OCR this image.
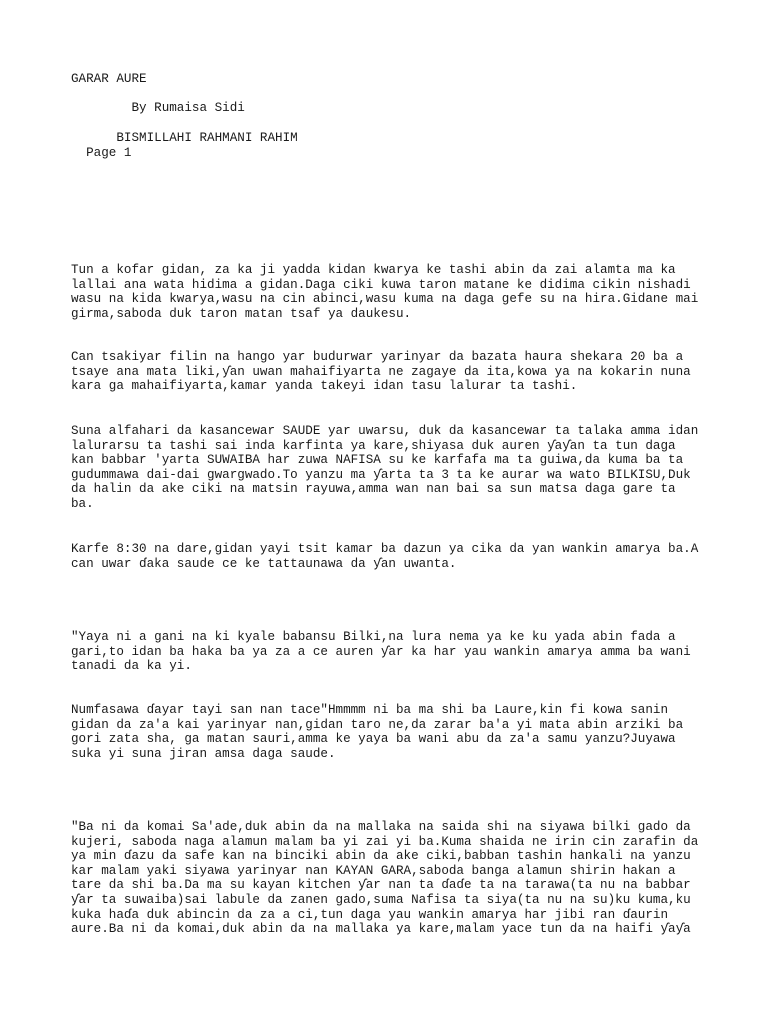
GARAR AURE

By Rumaisa Sidi

BISMILLAHI RAHMANI RAHIM

Page 1

Tun a kofar gidan, za ka ji yadda kidan kwarya ke tashi abin da zai alamta ma ka
lallai ana wata hidima a gidan.Daga ciki kuwa taron matane ke didima cikin nishadi
wasu na kida kwarya,wasu na cin abinci,wasu kuma na daga gefe su na hira.Gidane mai
girma,saboda duk taron matan tsaf ya daukesu.

Can tsakiyar filin na hango yar budurwar yarinyar da bazata haura shekara 20 ba a
tsaye ana mata liki,ƴan uwan mahaifiyarta ne zagaye da ita,kowa ya na kokarin nuna
kara ga mahaifiyarta,kamar yanda takeyi idan tasu lalurar ta tashi.

Suna alfahari da kasancewar SAUDE yar uwarsu, duk da kasancewar ta talaka amma idan
lalurarsu ta tashi sai inda karfinta ya kare,shiyasa duk auren ƴaƴan ta tun daga
kan babbar 'yarta SUWAIBA har zuwa NAFISA su ke karfafa ma ta guiwa,da kuma ba ta
gudummawa dai-dai gwargwado.To yanzu ma ƴarta ta 3 ta ke aurar wa wato BILKISU,Duk
da halin da ake ciki na matsin rayuwa,amma wan nan bai sa sun matsa daga gare ta
ba.

Karfe 8:30 na dare,gidan yayi tsit kamar ba dazun ya cika da yan wankin amarya ba.A
can uwar ɗaka saude ce ke tattaunawa da ƴan uwanta.

"Yaya ni a gani na ki kyale babansu Bilki,na lura nema ya ke ku yada abin fada a
gari,to idan ba haka ba ya za a ce auren ƴar ka har yau wankin amarya amma ba wani
tanadi da ka yi.

Numfasawa ɗayar tayi san nan tace"Hmmmm ni ba ma shi ba Laure,kin fi kowa sanin
gidan da za'a kai yarinyar nan,gidan taro ne,da zarar ba'a yi mata abin arziki ba
gori zata sha, ga matan sauri,amma ke yaya ba wani abu da za'a samu yanzu?Juyawa
suka yi suna jiran amsa daga saude.

"Ba ni da komai Sa'ade,duk abin da na mallaka na saida shi na siyawa bilki gado da
kujeri, saboda naga alamun malam ba yi zai yi ba.Kuma shaida ne irin cin zarafin da
ya min ɗazu da safe kan na binciki abin da ake ciki,babban tashin hankali na yanzu
kar malam yaki siyawa yarinyar nan KAYAN GARA,saboda banga alamun shirin hakan a
tare da shi ba.Da ma su kayan kitchen ƴar nan ta ɗaɗe ta na tarawa(ta nu na babbar
ƴar ta suwaiba)sai labule da zanen gado,suma Nafisa ta siya(ta nu na su)ku kuma,ku
kuka haɗa duk abincin da za a ci,tun daga yau wankin amarya har jibi ran ɗaurin
aure.Ba ni da komai,duk abin da na mallaka ya kare,malam yace tun da na haifi ƴaƴa
